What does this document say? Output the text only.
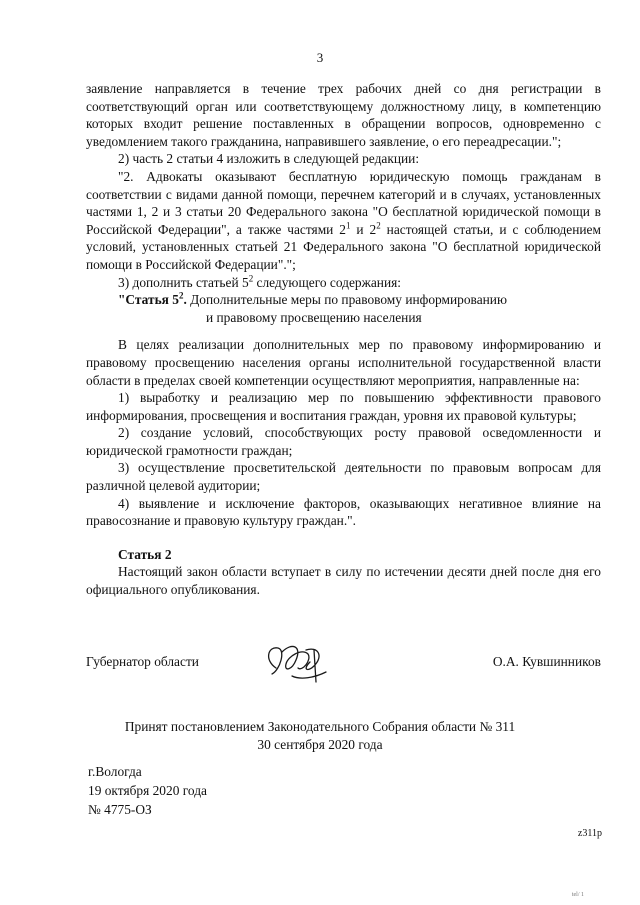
3

заявление направляется в течение трех рабочих дней со дня регистрации в соответствующий орган или соответствующему должностному лицу, в компетенцию которых входит решение поставленных в обращении вопросов, одновременно с уведомлением такого гражданина, направившего заявление, о его переадресации.";

2) часть 2 статьи 4 изложить в следующей редакции:

"2. Адвокаты оказывают бесплатную юридическую помощь гражданам в соответствии с видами данной помощи, перечнем категорий и в случаях, установленных частями 1, 2 и 3 статьи 20 Федерального закона "О бесплатной юридической помощи в Российской Федерации", а также частями $2^1$ и $2^2$ настоящей статьи, и с соблюдением условий, установленных статьей 21 Федерального закона "О бесплатной юридической помощи в Российской Федерации".";

3) дополнить статьей $5^2$ следующего содержания:

"Статья $5^2$. Дополнительные меры по правовому информированию

и правовому просвещению населения

В целях реализации дополнительных мер по правовому информированию и правовому просвещению населения органы исполнительной государственной власти области в пределах своей компетенции осуществляют мероприятия, направленные на:

1) выработку и реализацию мер по повышению эффективности правового информирования, просвещения и воспитания граждан, уровня их правовой культуры;

2) создание условий, способствующих росту правовой осведомленности и юридической грамотности граждан;

3) осуществление просветительской деятельности по правовым вопросам для различной целевой аудитории;

4) выявление и исключение факторов, оказывающих негативное влияние на правосознание и правовую культуру граждан.".

Статья 2

Настоящий закон области вступает в силу по истечении десяти дней после дня его официального опубликования.

Губернатор области	О.А. Кувшинников
Принят постановлением Законодательного Собрания области № 311
30 сентября 2020 года
г.Вологда
19 октября 2020 года
№ 4775-ОЗ
z311p
tel/ 1
